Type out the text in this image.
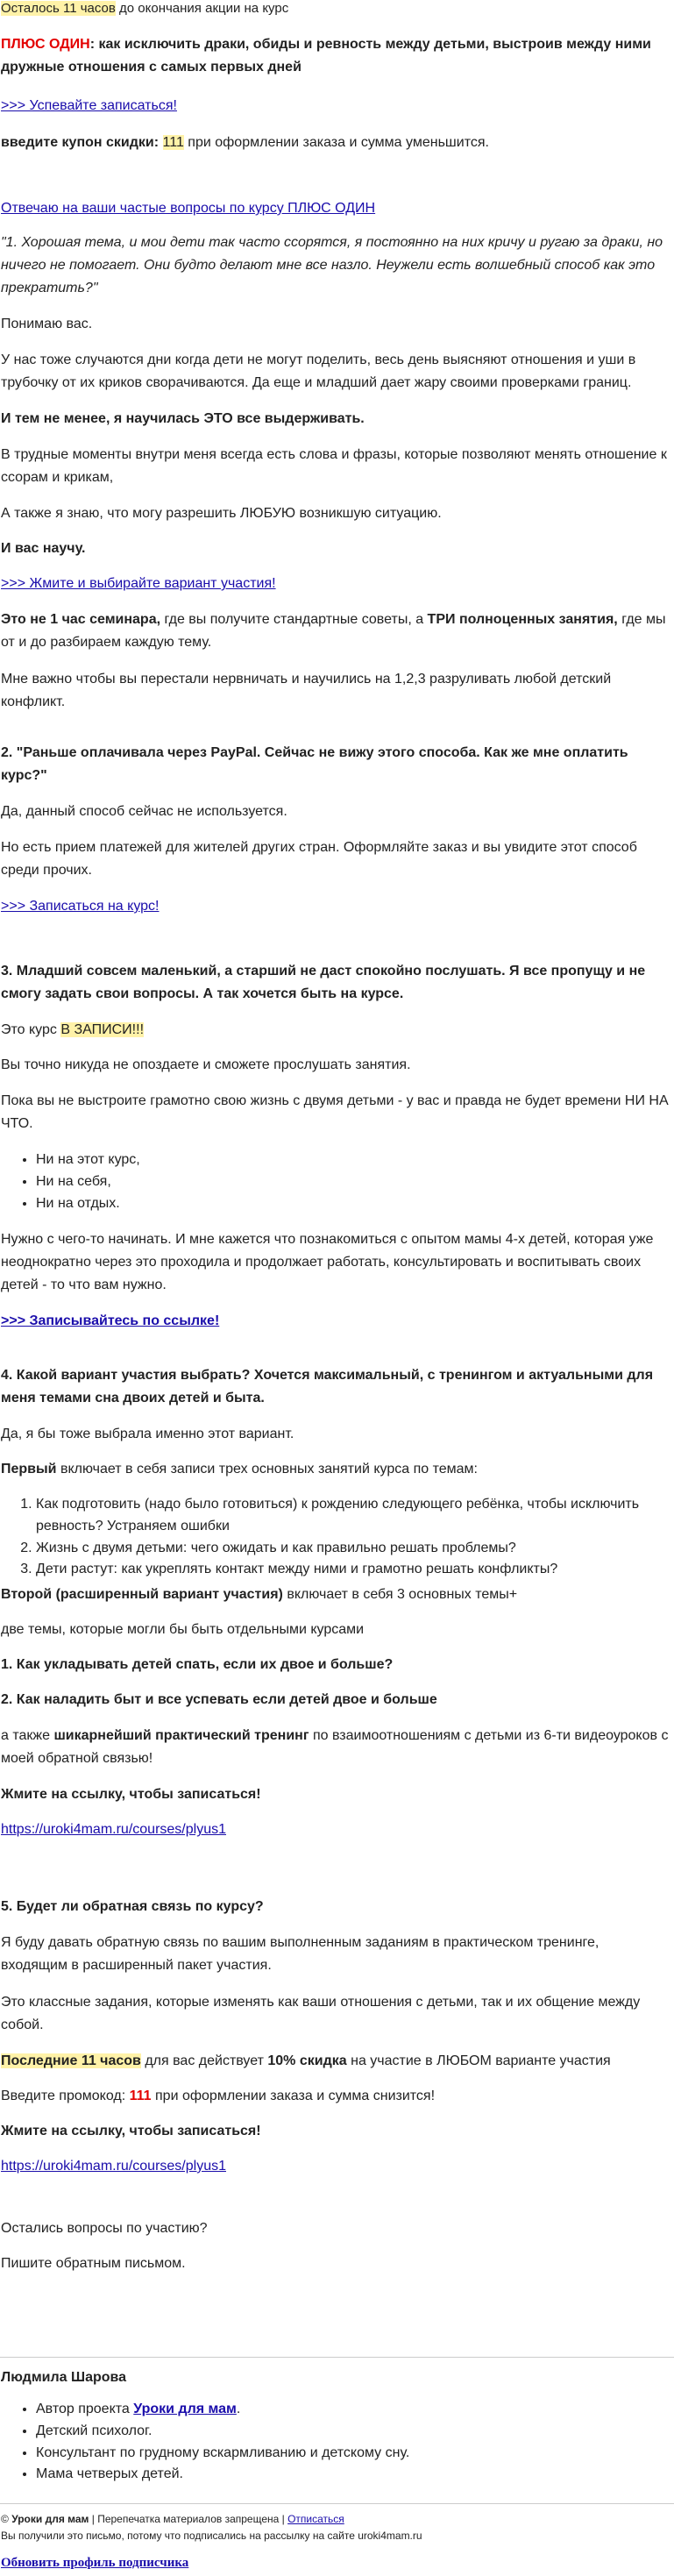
Осталось 11 часов до окончания акции на курс

ПЛЮС ОДИН: как исключить драки, обиды и ревность между детьми, выстроив между ними дружные отношения с самых первых дней

>>> Успевайте записаться!

введите купон скидки: 111 при оформлении заказа и сумма уменьшится.

Отвечаю на ваши частые вопросы по курсу ПЛЮС ОДИН

"1. Хорошая тема, и мои дети так часто ссорятся, я постоянно на них кричу и ругаю за драки, но ничего не помогает. Они будто делают мне все назло. Неужели есть волшебный способ как это прекратить?"

Понимаю вас.

У нас тоже случаются дни когда дети не могут поделить, весь день выясняют отношения и уши в трубочку от их криков сворачиваются. Да еще и младший дает жару своими проверками границ.

И тем не менее, я научилась ЭТО все выдерживать.

В трудные моменты внутри меня всегда есть слова и фразы, которые позволяют менять отношение к ссорам и крикам,

А также я знаю, что могу разрешить ЛЮБУЮ возникшую ситуацию.

И вас научу.

>>> Жмите и выбирайте вариант участия!

Это не 1 час семинара, где вы получите стандартные советы, а ТРИ полноценных занятия, где мы от и до разбираем каждую тему.

Мне важно чтобы вы перестали нервничать и научились на 1,2,3 разруливать любой детский конфликт.

2. "Раньше оплачивала через PayPal. Сейчас не вижу этого способа. Как же мне оплатить курс?"

Да, данный способ сейчас не используется.

Но есть прием платежей для жителей других стран. Оформляйте заказ и вы увидите этот способ среди прочих.

>>> Записаться на курс!

3. Младший совсем маленький, а старший не даст спокойно послушать. Я все пропущу и не смогу задать свои вопросы. А так хочется быть на курсе.

Это курс В ЗАПИСИ!!!

Вы точно никуда не опоздаете и сможете прослушать занятия.

Пока вы не выстроите грамотно свою жизнь с двумя детьми - у вас и правда не будет времени НИ НА ЧТО.

• Ни на этот курс,
• Ни на себя,
• Ни на отдых.

Нужно с чего-то начинать. И мне кажется что познакомиться с опытом мамы 4-х детей, которая уже неоднократно через это проходила и продолжает работать, консультировать и воспитывать своих детей - то что вам нужно.

>>> Записывайтесь по ссылке!

4. Какой вариант участия выбрать? Хочется максимальный, с тренингом и актуальными для меня темами сна двоих детей и быта.

Да, я бы тоже выбрала именно этот вариант.

Первый включает в себя записи трех основных занятий курса по темам:

1. Как подготовить (надо было готовиться) к рождению следующего ребёнка, чтобы исключить ревность? Устраняем ошибки
2. Жизнь с двумя детьми: чего ожидать и как правильно решать проблемы?
3. Дети растут: как укреплять контакт между ними и грамотно решать конфликты?

Второй (расширенный вариант участия) включает в себя 3 основных темы+

две темы, которые могли бы быть отдельными курсами

1. Как укладывать детей спать, если их двое и больше?

2. Как наладить быт и все успевать если детей двое и больше

а также шикарнейший практический тренинг по взаимоотношениям с детьми из 6-ти видеоуроков с моей обратной связью!

Жмите на ссылку, чтобы записаться!

https://uroki4mam.ru/courses/plyus1

5. Будет ли обратная связь по курсу?

Я буду давать обратную связь по вашим выполненным заданиям в практическом тренинге, входящим в расширенный пакет участия.

Это классные задания, которые изменять как ваши отношения с детьми, так и их общение между собой.

Последние 11 часов для вас действует 10% скидка на участие в ЛЮБОМ варианте участия

Введите промокод: 111 при оформлении заказа и сумма снизится!

Жмите на ссылку, чтобы записаться!

https://uroki4mam.ru/courses/plyus1

Остались вопросы по участию?

Пишите обратным письмом.

Людмила Шарова

• Автор проекта Уроки для мам.
• Детский психолог.
• Консультант по грудному вскармливанию и детскому сну.
• Мама четверых детей.

© Уроки для мам | Перепечатка материалов запрещена | Отписаться

Вы получили это письмо, потому что подписались на рассылку на сайте uroki4mam.ru

Обновить профиль подписчика
